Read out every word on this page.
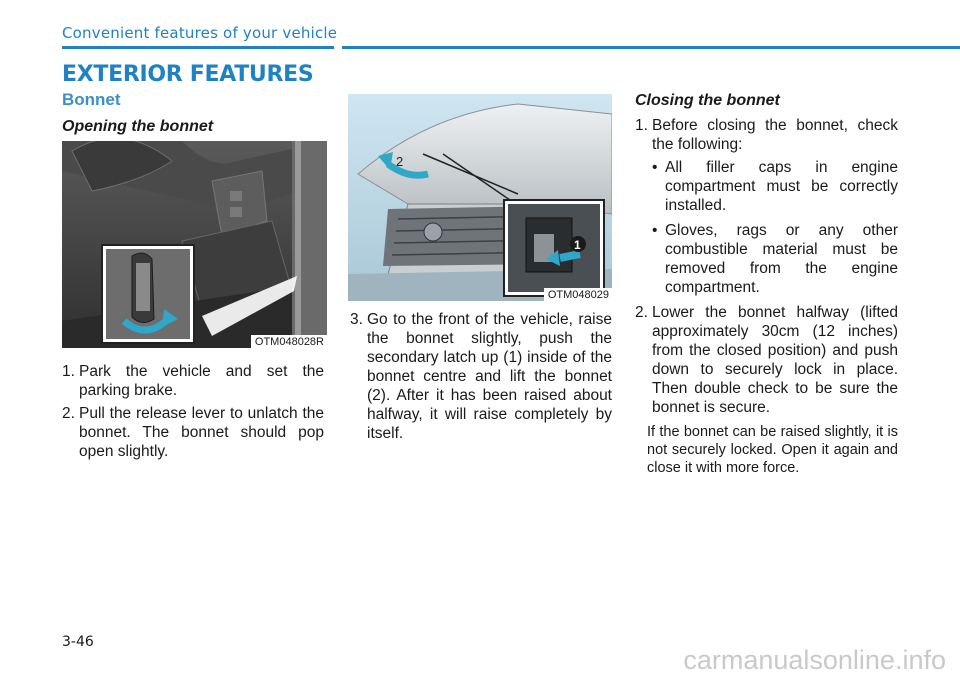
Convenient features of your vehicle
EXTERIOR FEATURES
Bonnet
Opening the bonnet
OTM048028R
1. Park the vehicle and set the parking brake.
2. Pull the release lever to unlatch the bonnet. The bonnet should pop open slightly.
2
1
OTM048029
3. Go to the front of the vehicle, raise the bonnet slightly, push the secondary latch up (1) inside of the bonnet centre and lift the bonnet (2). After it has been raised about halfway, it will raise completely by itself.
Closing the bonnet
1. Before closing the bonnet, check the following:
• All filler caps in engine compartment must be correctly installed.
• Gloves, rags or any other combustible material must be removed from the engine compartment.
2. Lower the bonnet halfway (lifted approximately 30cm (12 inches) from the closed position) and push down to securely lock in place. Then double check to be sure the bonnet is secure.
If the bonnet can be raised slightly, it is not securely locked. Open it again and close it with more force.
3-46
carmanualsonline.info
